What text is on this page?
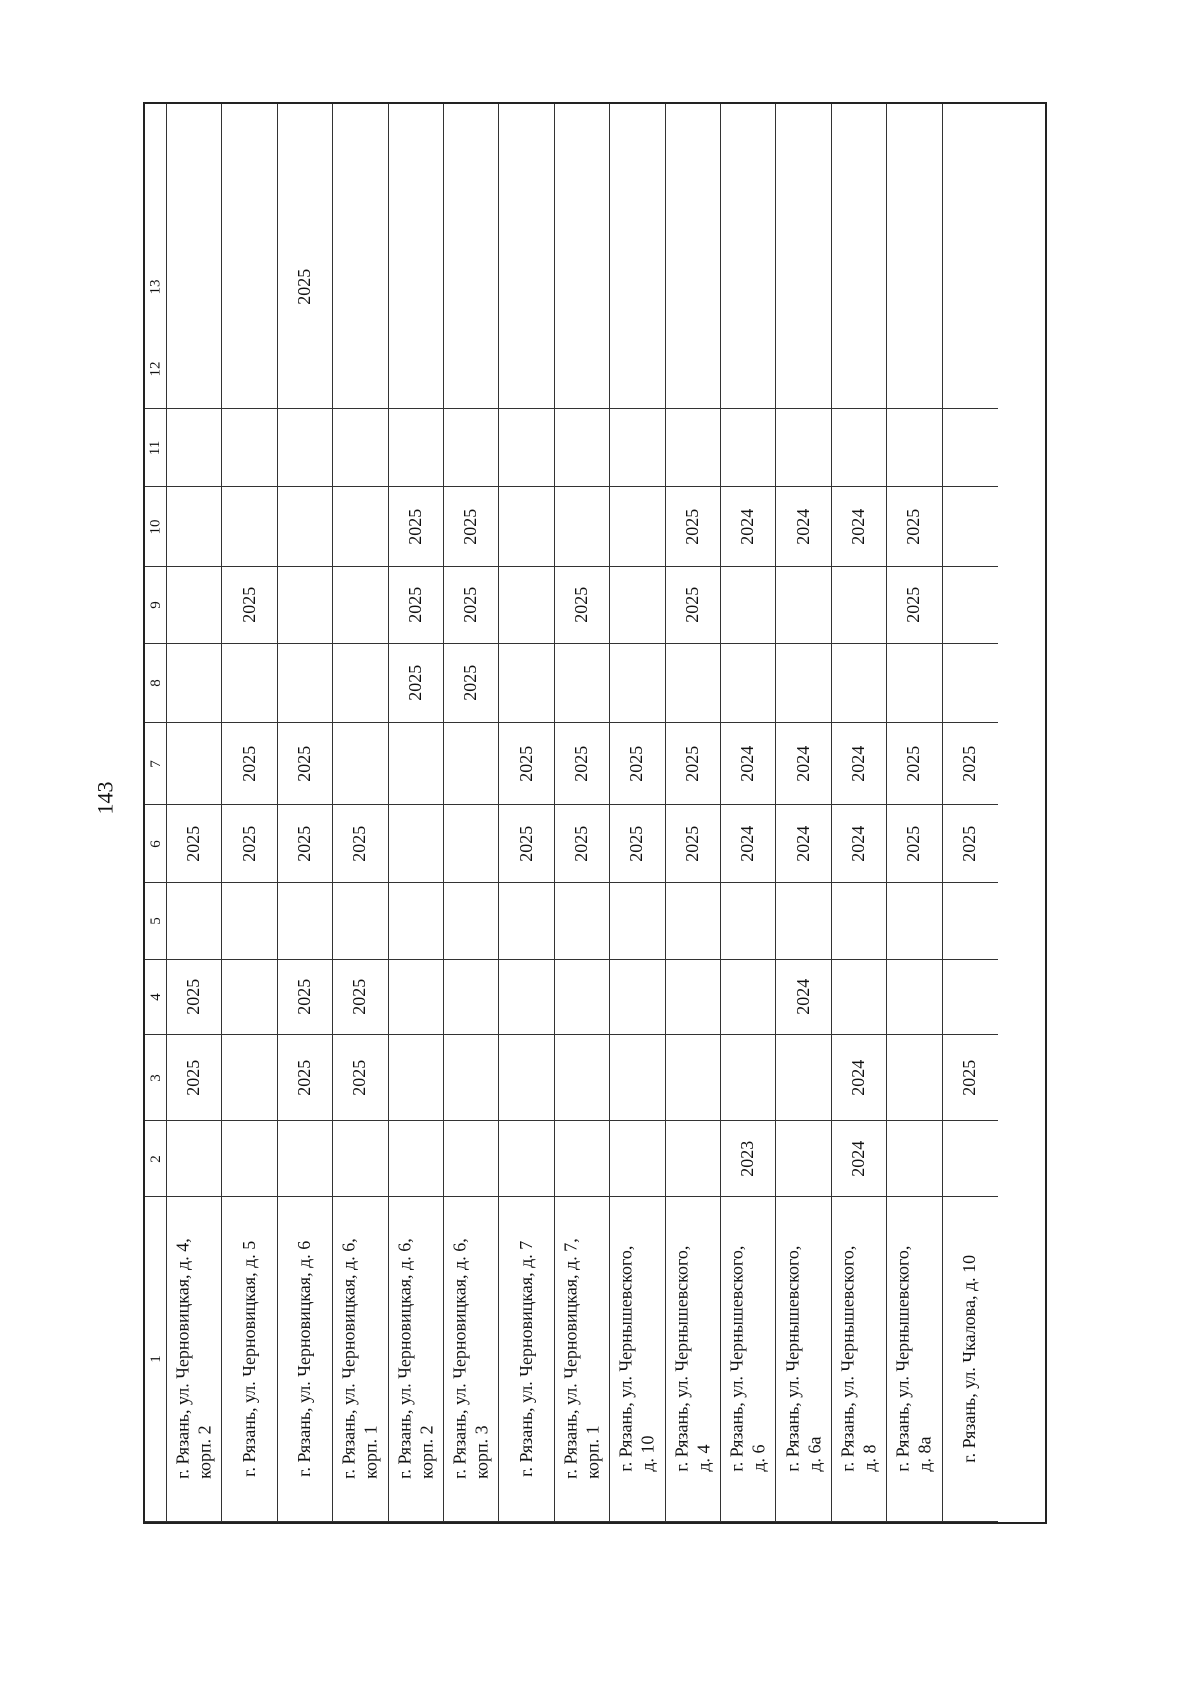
143
1
2
3
4
5
6
7
8
9
10
11
12
13
г. Рязань, ул. Черновицкая, д. 4, корп. 2
2025
2025
2025
г. Рязань, ул. Черновицкая, д. 5
2025
2025
2025
г. Рязань, ул. Черновицкая, д. 6
2025
2025
2025
2025
2025
г. Рязань, ул. Черновицкая, д. 6, корп. 1
2025
2025
2025
г. Рязань, ул. Черновицкая, д. 6, корп. 2
2025
2025
2025
г. Рязань, ул. Черновицкая, д. 6, корп. 3
2025
2025
2025
г. Рязань, ул. Черновицкая, д. 7
2025
2025
г. Рязань, ул. Черновицкая, д. 7, корп. 1
2025
2025
2025
г. Рязань, ул. Чернышевского, д. 10
2025
2025
г. Рязань, ул. Чернышевского, д. 4
2025
2025
2025
2025
г. Рязань, ул. Чернышевского, д. 6
2023
2024
2024
2024
г. Рязань, ул. Чернышевского, д. 6а
2024
2024
2024
2024
г. Рязань, ул. Чернышевского, д. 8
2024
2024
2024
2024
2024
г. Рязань, ул. Чернышевского, д. 8а
2025
2025
2025
2025
г. Рязань, ул. Чкалова, д. 10
2025
2025
2025
